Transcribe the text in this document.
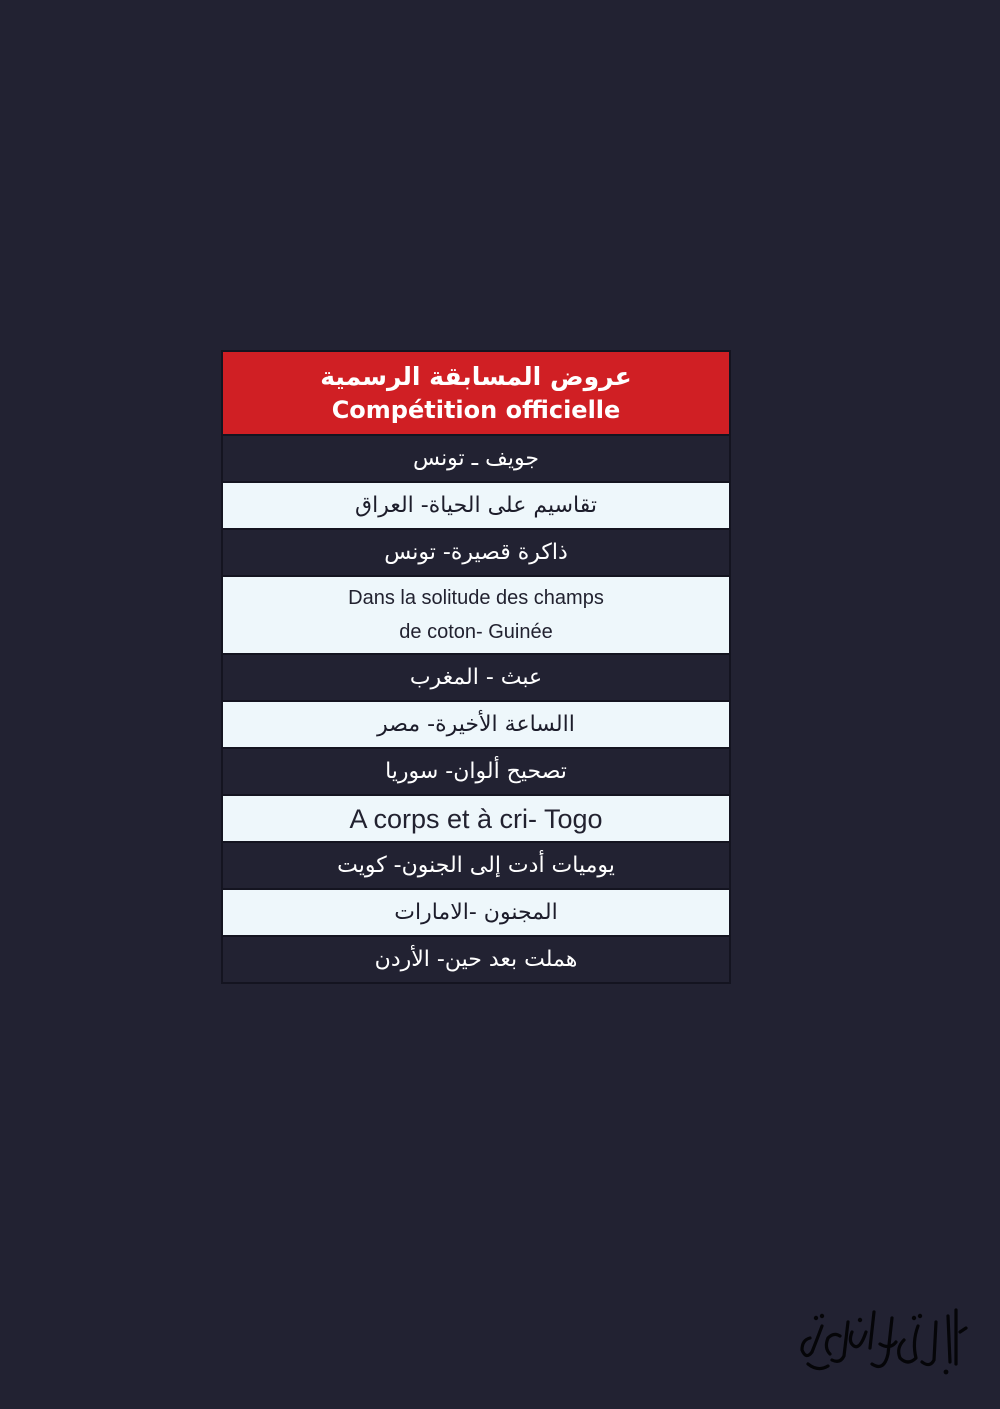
عروض المسابقة الرسمية
Compétition officielle
جويف ـ تونس
تقاسيم على الحياة- العراق
ذاكرة قصيرة- تونس
Dans la solitude des champs
de coton- Guinée
عبث - المغرب
االساعة الأخيرة- مصر
تصحيح ألوان- سوريا
A corps et à cri- Togo
يوميات أدت إلى الجنون- كويت
المجنون -الامارات
هملت بعد حين- الأردن
أيام قرطاج المسرحية
